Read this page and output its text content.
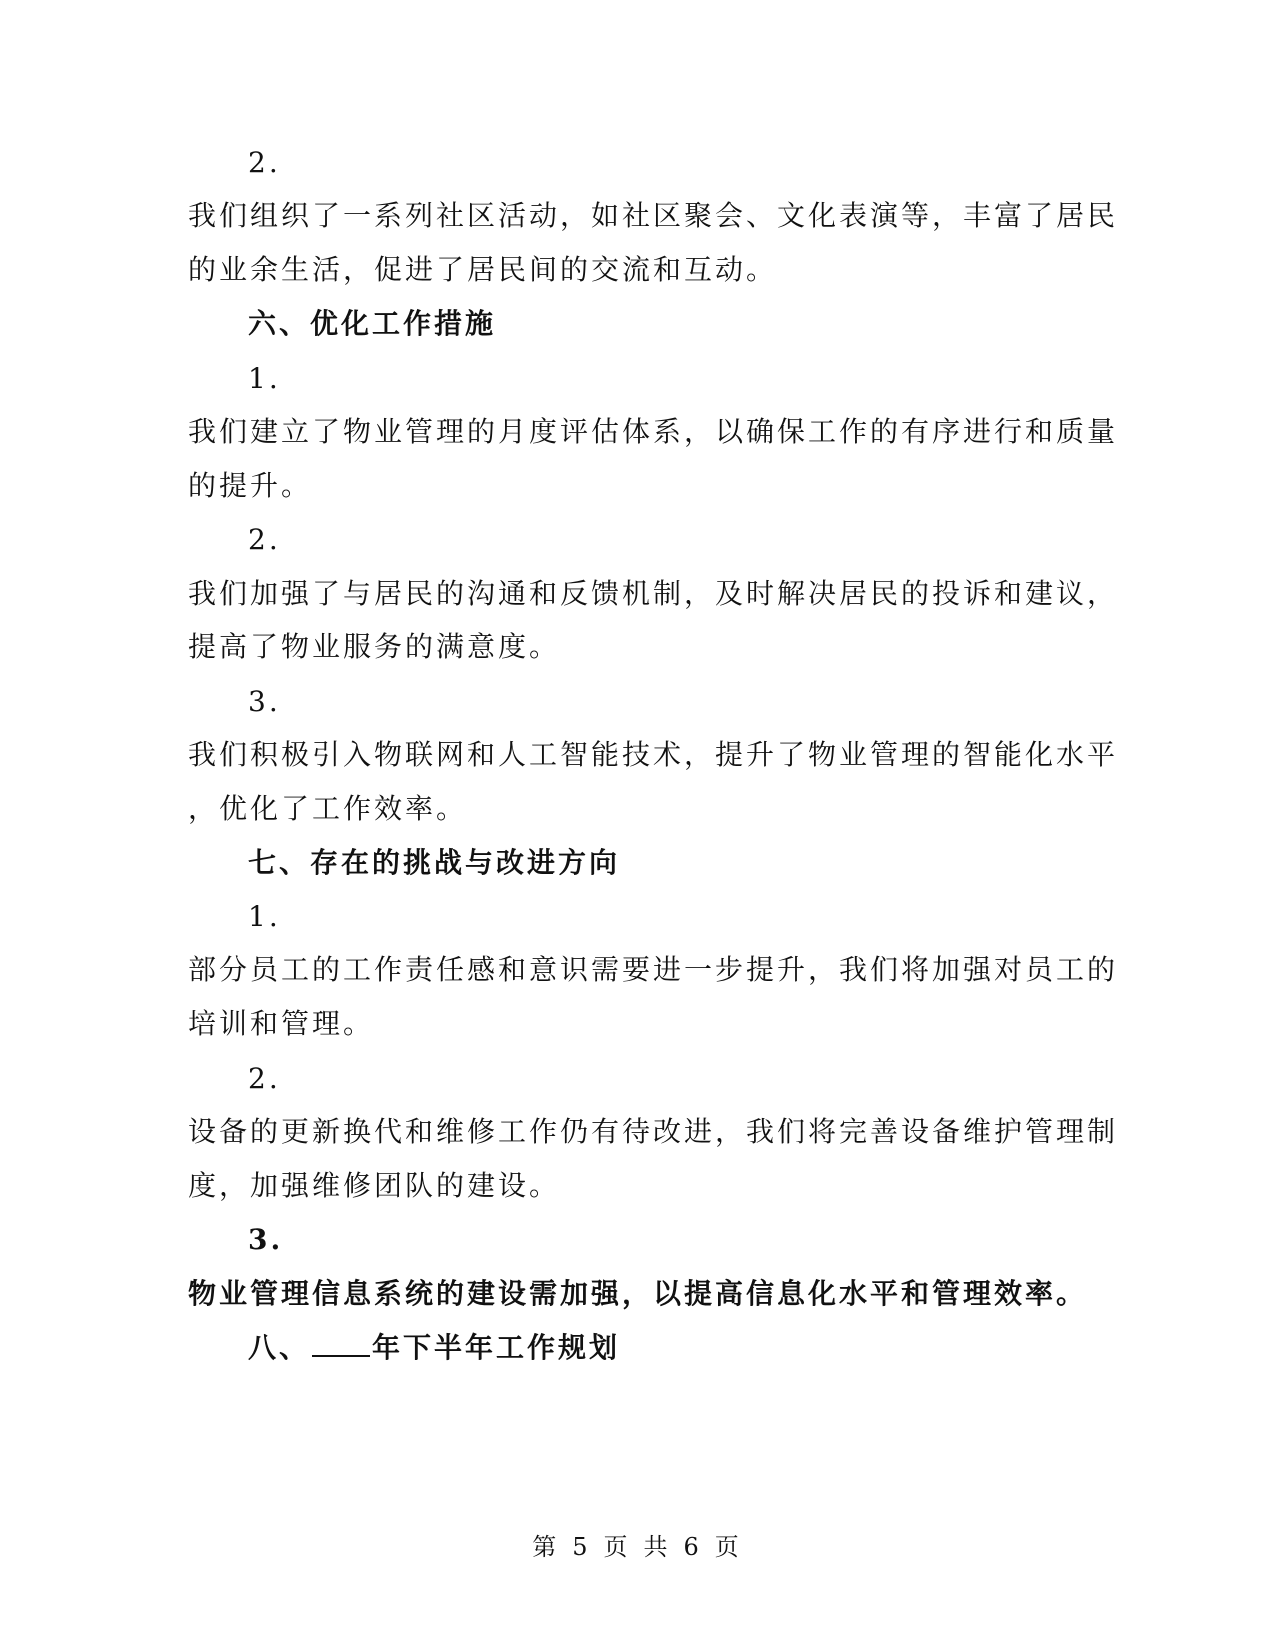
2.

我们组织了一系列社区活动，如社区聚会、文化表演等，丰富了居民

的业余生活，促进了居民间的交流和互动。

六、优化工作措施

1.

我们建立了物业管理的月度评估体系，以确保工作的有序进行和质量

的提升。

2.

我们加强了与居民的沟通和反馈机制，及时解决居民的投诉和建议，

提高了物业服务的满意度。

3.

我们积极引入物联网和人工智能技术，提升了物业管理的智能化水平

，优化了工作效率。

七、存在的挑战与改进方向

1.

部分员工的工作责任感和意识需要进一步提升，我们将加强对员工的

培训和管理。

2.

设备的更新换代和维修工作仍有待改进，我们将完善设备维护管理制

度，加强维修团队的建设。

3.

物业管理信息系统的建设需加强，以提高信息化水平和管理效率。

八、 年下半年工作规划

第 5 页 共 6 页
